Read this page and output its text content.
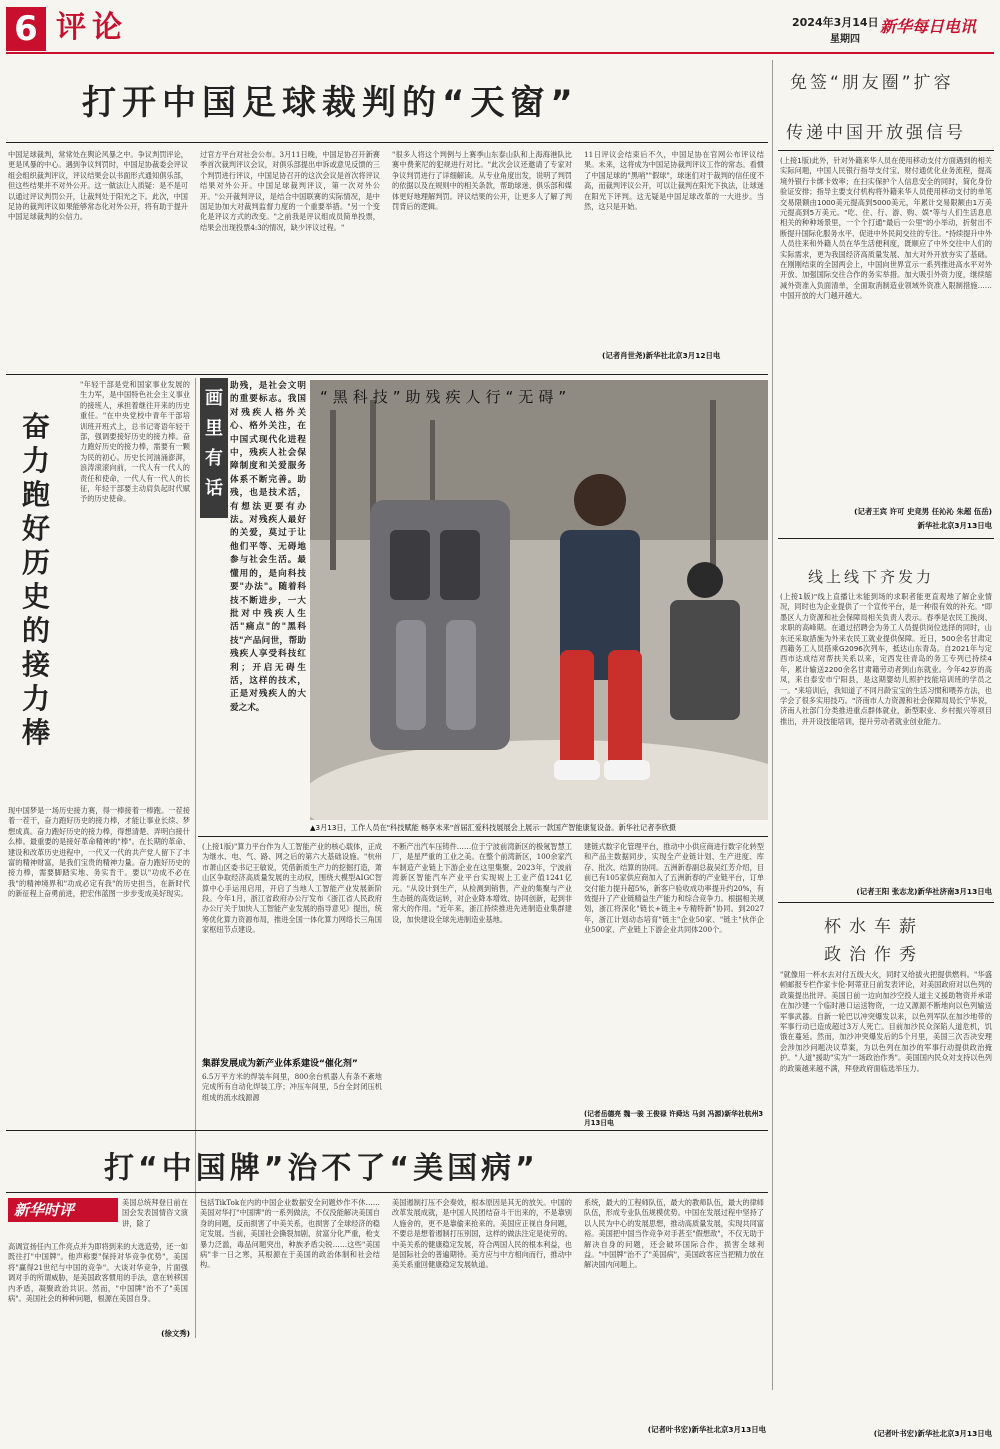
6 评论	2024年3月14日
星期四
新华每日电讯
打开中国足球裁判的“天窗”
中国足球裁判，常常处在舆论风暴之中。争议判罚评论，更是风暴的中心。遇到争议判罚时，中国足协裁委会评议组会组织裁判评议，评议结果会以书面形式通知俱乐部，但这些结果并不对外公开。这一做法让人质疑：是不是可以通过评议判罚公开，让裁判处于阳光之下。此次，中国足协的裁判评议如果能够常态化对外公开，将有助于提升中国足球裁判的公信力。
过官方平台对社会公布。3月11日晚，中国足协召开新赛季首次裁判评议会议，对俱乐部提出申诉或意见反馈的三个判罚进行评议，中国足协召开的这次会议是首次将评议结果对外公开。中国足球裁判评议，第一次对外公开。"公开裁判评议，是结合中国联赛的实际情况，是中国足协加大对裁判监督力度的一个重要举措。"另一个变化是评议方式的改变。"之前我是评议组成员简单投票，结果会出现投票4:3的情况，缺少评议过程。"
"很多人将这个判例与上赛季山东泰山队和上海海港队比赛中费莱尼的犯规进行对比。"此次会议还邀请了专家对争议判罚进行了详细解读。从专业角度出发，说明了判罚的依据以及在规则中的相关条款，帮助球迷、俱乐部和媒体更好地理解判罚。评议结果的公开，让更多人了解了判罚背后的逻辑。
11日评议会结束后不久，中国足协在官网公布评议结果。未来，这将成为中国足协裁判评议工作的常态。看惯了中国足球的"黑哨""假球"，球迷们对于裁判的信任度不高，而裁判评议公开，可以让裁判在阳光下执法，让球迷在阳光下评判。这无疑是中国足球改革的一大进步。当然，这只是开始。
(记者肖世尧)新华社北京3月12日电
免签“朋友圈”扩容
传递中国开放强信号
(上接1版)此外，针对外籍来华人员在使用移动支付方面遇到的相关实际问题，中国人民银行指导支付宝、财付通优化业务流程，提高境外银行卡绑卡效率；在扫实保护个人信息安全的同时，简化身份验证安排；指导主要支付机构将外籍来华人员使用移动支付的单笔交易限额由1000美元提高到5000美元，年累计交易限额由1万美元提高到5万美元。"吃、住、行、游、购、娱"等与人们生活息息相关的种种场景里，一个个打通"最后一公里"的小举动，折射出不断提升国际化服务水平、促进中外民间交往的专注。"持续提升中外人员往来和外籍人员在华生活便利度，既顺应了中外交往中人们的实际需求，更为我国经济高质量发展、加大对外开放夯实了基础。在刚刚结束的全国两会上，中国向世界宣示一系列推进高水平对外开放、加强国际交往合作的务实举措。加大吸引外资力度，继续缩减外资准入负面清单，全面取消制造业领域外资准入限制措施……中国开放的大门越开越大。
(记者王宾 许可 史竞男 任沁沁 朱超 伍岳)
新华社北京3月13日电
奋力跑好历史的接力棒
"年轻干部是党和国家事业发展的生力军，是中国特色社会主义事业的接班人，承担着继往开来的历史重任。"在中央党校中青年干部培训班开班式上，总书记寄语年轻干部，强调要接好历史的接力棒。奋力跑好历史的接力棒，需要有一颗为民的初心。历史长河汹涌澎湃，浪涛滚滚向前，一代人有一代人的责任和使命，一代人有一代人的长征，年轻干部要主动肩负起时代赋予的历史使命。
现中国梦是一场历史接力赛，得一棒接着一棒跑。一茬接着一茬干，奋力跑好历史的接力棒，才能让事业长续、梦想成真。奋力跑好历史的接力棒，得想清楚、弄明白接什么棒。最重要的是接好革命精神的"棒"。在长期的革命、建设和改革历史进程中，一代又一代的共产党人留下了丰富的精神财富，是我们宝贵的精神力量。奋力跑好历史的接力棒，需要脚踏实地、务实肯干。要以"功成不必在我"的精神境界和"功成必定有我"的历史担当，在新时代的新征程上奋勇前进，把宏伟蓝图一步步变成美好现实。
(徐文秀)
画里有话
助残，是社会文明的重要标志。我国对残疾人格外关心、格外关注，在中国式现代化进程中，残疾人社会保障制度和关爱服务体系不断完善。助残，也是技术活，有想法更要有办法。对残疾人最好的关爱，莫过于让他们平等、无碍地参与社会生活。最懂用的，是向科技要"办法"。随着科技不断进步，一大批对中残疾人生活"痛点"的"黑科技"产品问世，帮助残疾人享受科技红利；开启无碍生活，这样的技术，正是对残疾人的大爱之术。
“黑科技”助残疾人行“无碍”
▲3月13日，工作人员在"科技赋能 畅享未来"首届汇爱科技展展会上展示一款国产智能康复设备。新华社记者李欣摄
(上接1版)"算力平台作为人工智能产业的核心载体，正成为继水、电、气、路、网之后的第六大基础设施。"杭州市萧山区委书记王敏说，凭借新质生产力的挖掘打造，萧山区争取经济高质量发展的主动权，围绕大模型AIGC智算中心手运用启用，开启了当地人工智能产业发展新阶段。今年1月，浙江省政府办公厅发布《浙江省人民政府办公厅关于加快人工智能产业发展的指导意见》提出，统筹优化算力资源布局，推进全国一体化算力网络长三角国家枢纽节点建设。
集群发展成为新产业体系建设“催化剂”
6.5万平方米的焊装车间里，800余台机器人有条不紊地完成所有自动化焊装工序；冲压车间里，5台全封闭压机组成的流水线源源
不断产出汽车压铸件……位于宁波前湾新区的极氪智慧工厂，是星严重的工业之美。在整个前湾新区，100余家汽车制造产业链上下游企业在这里集聚。2023年，宁波前湾新区智能汽车产业平台实现规上工业产值1241亿元。"从设计到生产，从检测到销售，产业的集聚与产业生态链的高效运转，对企业降本增效、协同创新，起到非常大的作用。"近年来，浙江持续推进先进制造业集群建设，加快建设全球先进制造业基地。
建链式数字化管理平台，推动中小供应商进行数字化转型和产品主数据同步，实现全产业链计划、生产进度、库存、批次、结算的协同。五洲新春副总裁吴红芳介绍，目前已有105家供应商加入了五洲新春的产业链平台，订单交付能力提升超5%，新客户验收成功率提升约20%，有效提升了产业链精益生产能力和综合竞争力。根据相关规划，浙江将深化"链长+链主+专精特新"协同。到2027年，浙江计划动态培育"链主"企业50家、"链主"伙伴企业500家、产业链上下游企业共同体200个。
(记者岳德亮 魏一骏 王俊禄 许舜达 马剑 冯源)新华社杭州3月13日电
线上线下齐发力
(上接1版)"线上直播让未能到场的求职者能更直观地了解企业情况，同时也为企业提供了一个宣传平台，是一种很有效的补充。"即墨区人力资源和社会保障局相关负责人表示。春季是农民工换岗、求职的高峰期。在通过招聘会为务工人员提供岗位选择的同时，山东还采取措施为外来农民工就业提供保障。近日，500余名甘肃定西籍务工人员搭乘G2096次列车，抵达山东青岛。自2021年与定西市达成结对帮扶关系以来，定西发往青岛的务工专列已持续4年，累计输送2200余名甘肃籍劳动者到山东就业。今年42岁的高凤，来自泰安市宁阳县，是这期婴幼儿照护技能培训班的学员之一。"来培训后，我知道了不同月龄宝宝的生活习惯和喂养方法，也学会了很多实用技巧。"济南市人力资源和社会保障局局长宁华说，济南人社部门分类推进重点群体就业，新型职业、乡村振兴等项目推出，并开设技能培训，提升劳动者就业创业能力。
(记者王阳 张志龙)新华社济南3月13日电
杯水车薪
政治作秀
"就像用一杯水去对付五级大火，同时又给拔火把提供燃料。"华盛顿邮报专栏作家卡伦·阿蒂亚日前发表评论，对美国政府对以色列的政策提出批评。美国日前一边向加沙空投人道主义援助物资并承诺在加沙建一个临时港口运送物资，一边又源源不断地向以色列输送军事武器。自新一轮巴以冲突爆发以来，以色列军队在加沙地带的军事行动已造成超过3万人死亡。目前加沙民众深陷人道危机，饥饿在蔓延。然而，加沙冲突爆发后的5个月里，美国三次否决安理会涉加沙问题决议草案，为以色列在加沙的军事行动提供政治掩护。"人道"援助"实为"一场政治作秀"。美国国内民众对支持以色列的政策越来越不满，拜登政府面临选举压力。
(记者叶书宏)新华社北京3月13日电
打“中国牌”治不了“美国病”
新华时评	美国总统拜登日前在国会发表国情咨文演讲，除了
高调宣扬任内工作亮点并为即将到来的大选造势，还一如既往打"中国牌"。他声称要"保持对华竞争优势"，美国将"赢得21世纪与中国的竞争"。大谈对华竞争，片面强调对手的所谓威胁，是美国政客惯用的手法，意在转移国内矛盾，凝聚政治共识。然而，"中国牌"治不了"美国病"。美国社会的种种问题，根源在美国自身。
包括TikTok在内的中国企业数据安全问题炒作不休……美国对华打"中国牌"的一系列做法，不仅没能解决美国自身的问题，反而损害了中美关系，也损害了全球经济的稳定发展。当前，美国社会撕裂加剧，贫富分化严重，枪支暴力泛滥，毒品问题突出，种族矛盾尖锐……这些"美国病"非一日之寒，其根源在于美国的政治体制和社会结构。
美国遏制打压不会奏效，根本原因是其无的放矢。中国的改革发展成就，是中国人民团结奋斗干出来的，不是靠别人施舍的，更不是靠偷来抢来的。美国应正视自身问题，不要总是想着遏制打压别国，这样的做法注定是徒劳的。中美关系的健康稳定发展，符合两国人民的根本利益，也是国际社会的普遍期待。美方应与中方相向而行，推动中美关系重回健康稳定发展轨道。
系统，最大的工程师队伍，最大的教师队伍，最大的律师队伍，形成专业队伍规模优势。中国在发展过程中坚持了以人民为中心的发展思想，推动高质量发展，实现共同富裕。美国把中国当作竞争对手甚至"假想敌"，不仅无助于解决自身的问题，还会破坏国际合作，损害全球利益。"中国牌"治不了"美国病"，美国政客应当把精力放在解决国内问题上。
(记者叶书宏)新华社北京3月13日电
